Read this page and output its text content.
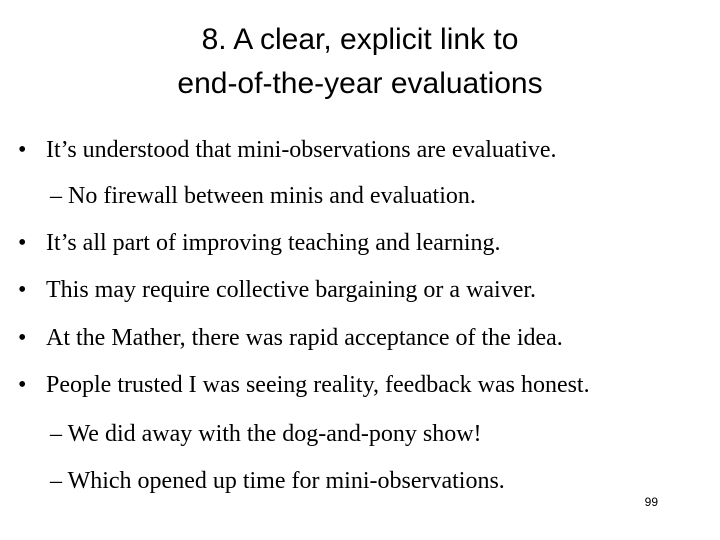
8. A clear, explicit link to
end-of-the-year evaluations
• It’s understood that mini-observations are evaluative.
– No firewall between minis and evaluation.
• It’s all part of improving teaching and learning.
• This may require collective bargaining or a waiver.
• At the Mather, there was rapid acceptance of the idea.
• People trusted I was seeing reality, feedback was honest.
– We did away with the dog-and-pony show!
– Which opened up time for mini-observations.
99
